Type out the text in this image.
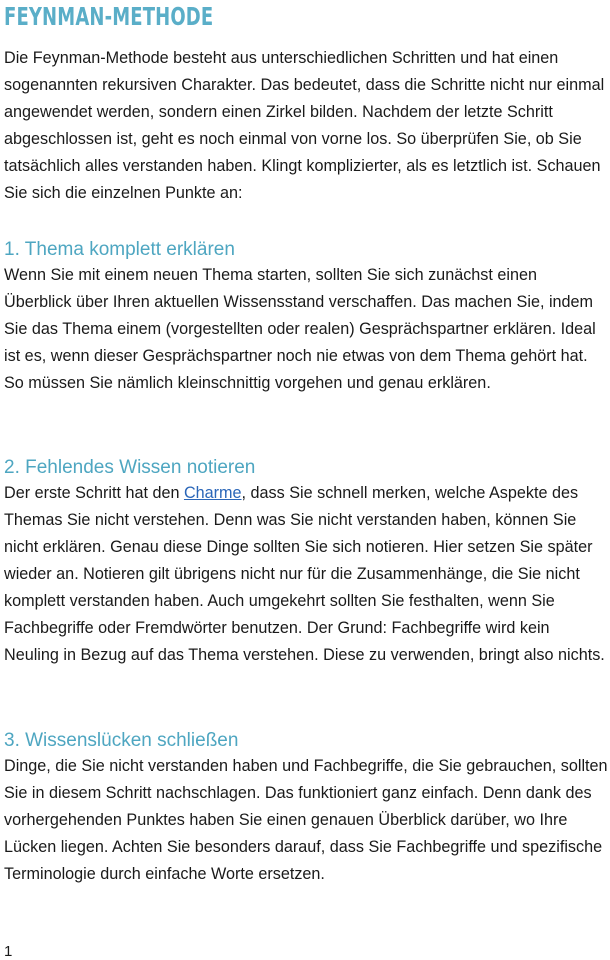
FEYNMAN-METHODE

Die Feynman-Methode besteht aus unterschiedlichen Schritten und hat einen sogenannten rekursiven Charakter. Das bedeutet, dass die Schritte nicht nur einmal angewendet werden, sondern einen Zirkel bilden. Nachdem der letzte Schritt abgeschlossen ist, geht es noch einmal von vorne los. So überprüfen Sie, ob Sie tatsächlich alles verstanden haben. Klingt komplizierter, als es letztlich ist. Schauen Sie sich die einzelnen Punkte an:

1. Thema komplett erklären

Wenn Sie mit einem neuen Thema starten, sollten Sie sich zunächst einen Überblick über Ihren aktuellen Wissensstand verschaffen. Das machen Sie, indem Sie das Thema einem (vorgestellten oder realen) Gesprächspartner erklären. Ideal ist es, wenn dieser Gesprächspartner noch nie etwas von dem Thema gehört hat. So müssen Sie nämlich kleinschnittig vorgehen und genau erklären.

2. Fehlendes Wissen notieren

Der erste Schritt hat den Charme, dass Sie schnell merken, welche Aspekte des Themas Sie nicht verstehen. Denn was Sie nicht verstanden haben, können Sie nicht erklären. Genau diese Dinge sollten Sie sich notieren. Hier setzen Sie später wieder an. Notieren gilt übrigens nicht nur für die Zusammenhänge, die Sie nicht komplett verstanden haben. Auch umgekehrt sollten Sie festhalten, wenn Sie Fachbegriffe oder Fremdwörter benutzen. Der Grund: Fachbegriffe wird kein Neuling in Bezug auf das Thema verstehen. Diese zu verwenden, bringt also nichts.

3. Wissenslücken schließen

Dinge, die Sie nicht verstanden haben und Fachbegriffe, die Sie gebrauchen, sollten Sie in diesem Schritt nachschlagen. Das funktioniert ganz einfach. Denn dank des vorhergehenden Punktes haben Sie einen genauen Überblick darüber, wo Ihre Lücken liegen. Achten Sie besonders darauf, dass Sie Fachbegriffe und spezifische Terminologie durch einfache Worte ersetzen.

1
